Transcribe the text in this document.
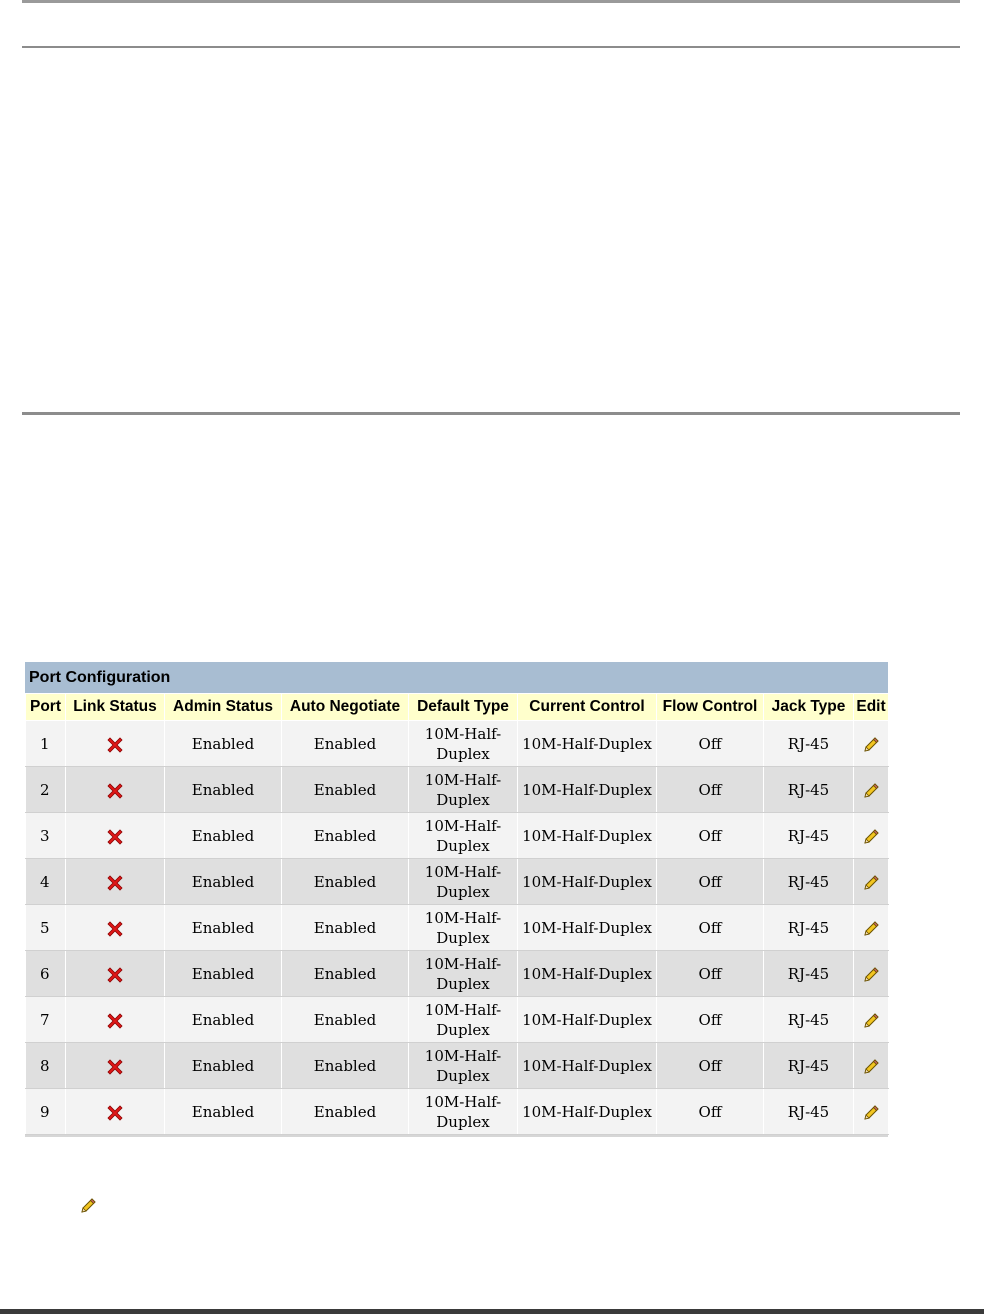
Port Configuration
Port	Link Status	Admin Status	Auto Negotiate	Default Type	Current Control	Flow Control	Jack Type	Edit
1		Enabled	Enabled	10M-Half-Duplex	10M-Half-Duplex	Off	RJ-45	
2		Enabled	Enabled	10M-Half-Duplex	10M-Half-Duplex	Off	RJ-45	
3		Enabled	Enabled	10M-Half-Duplex	10M-Half-Duplex	Off	RJ-45	
4		Enabled	Enabled	10M-Half-Duplex	10M-Half-Duplex	Off	RJ-45	
5		Enabled	Enabled	10M-Half-Duplex	10M-Half-Duplex	Off	RJ-45	
6		Enabled	Enabled	10M-Half-Duplex	10M-Half-Duplex	Off	RJ-45	
7		Enabled	Enabled	10M-Half-Duplex	10M-Half-Duplex	Off	RJ-45	
8		Enabled	Enabled	10M-Half-Duplex	10M-Half-Duplex	Off	RJ-45	
9		Enabled	Enabled	10M-Half-Duplex	10M-Half-Duplex	Off	RJ-45	
